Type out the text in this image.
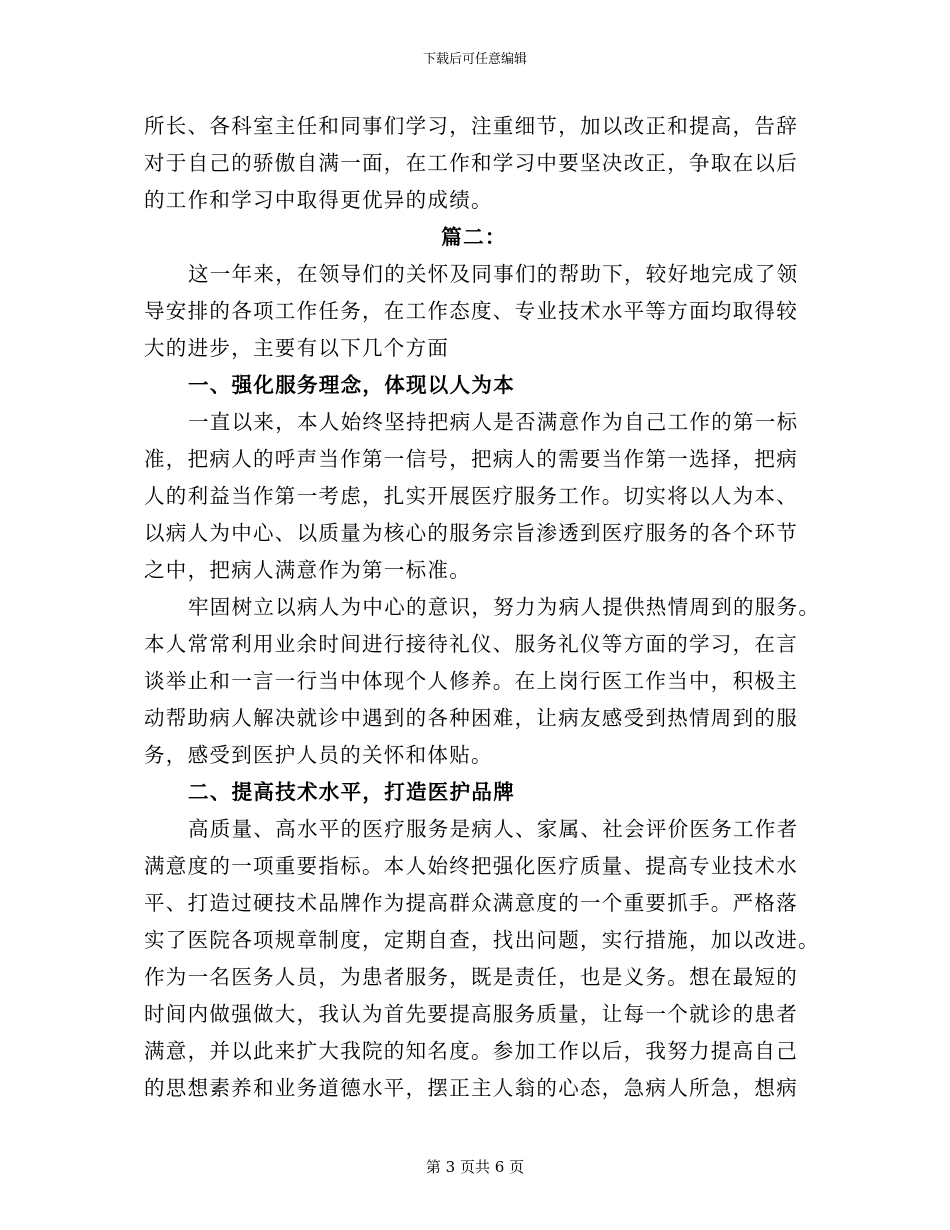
下载后可任意编辑
所长、各科室主任和同事们学习，注重细节，加以改正和提高，告辞
对于自己的骄傲自满一面，在工作和学习中要坚决改正，争取在以后
的工作和学习中取得更优异的成绩。
篇二：
这一年来，在领导们的关怀及同事们的帮助下，较好地完成了领
导安排的各项工作任务，在工作态度、专业技术水平等方面均取得较
大的进步，主要有以下几个方面
一、强化服务理念，体现以人为本
一直以来，本人始终坚持把病人是否满意作为自己工作的第一标
准，把病人的呼声当作第一信号，把病人的需要当作第一选择，把病
人的利益当作第一考虑，扎实开展医疗服务工作。切实将以人为本、
以病人为中心、以质量为核心的服务宗旨渗透到医疗服务的各个环节
之中，把病人满意作为第一标准。
牢固树立以病人为中心的意识，努力为病人提供热情周到的服务。
本人常常利用业余时间进行接待礼仪、服务礼仪等方面的学习，在言
谈举止和一言一行当中体现个人修养。在上岗行医工作当中，积极主
动帮助病人解决就诊中遇到的各种困难，让病友感受到热情周到的服
务，感受到医护人员的关怀和体贴。
二、提高技术水平，打造医护品牌
高质量、高水平的医疗服务是病人、家属、社会评价医务工作者
满意度的一项重要指标。本人始终把强化医疗质量、提高专业技术水
平、打造过硬技术品牌作为提高群众满意度的一个重要抓手。严格落
实了医院各项规章制度，定期自查，找出问题，实行措施，加以改进。
作为一名医务人员，为患者服务，既是责任，也是义务。想在最短的
时间内做强做大，我认为首先要提高服务质量，让每一个就诊的患者
满意，并以此来扩大我院的知名度。参加工作以后，我努力提高自己
的思想素养和业务道德水平，摆正主人翁的心态，急病人所急，想病
第 3 页共 6 页
